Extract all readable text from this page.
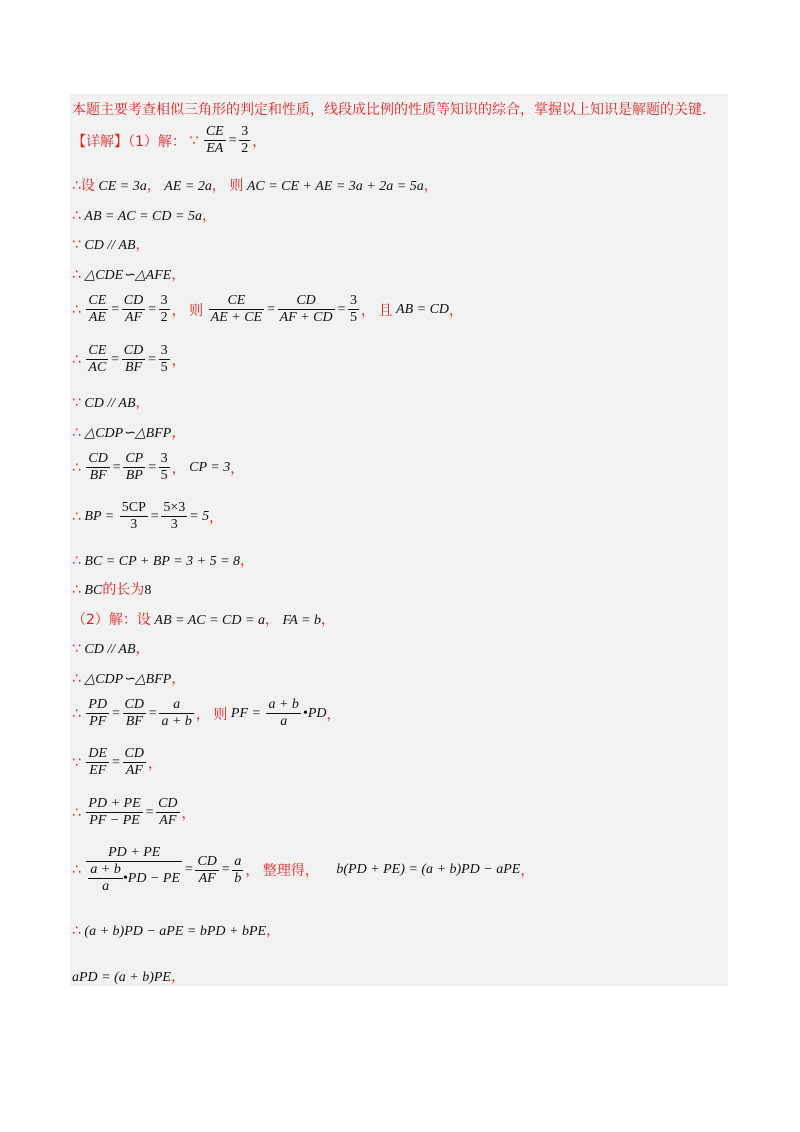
本题主要考查相似三角形的判定和性质，线段成比例的性质等知识的综合，掌握以上知识是解题的关键．
【详解】（1）解： ∵ $\frac{CE}{EA} = \frac{3}{2}$ ，
∴设 CE = 3a， AE = 2a， 则 AC = CE + AE = 3a + 2a = 5a，
∴ AB = AC = CD = 5a，
∵ CD // AB，
∴ △CDE∽△AFE，
∴ $\frac{CE}{AE} = \frac{CD}{AF} = \frac{3}{2}$ ， 则 $\frac{CE}{AE + CE} = \frac{CD}{AF + CD} = \frac{3}{5}$ ， 且 AB = CD，
∴ $\frac{CE}{AC} = \frac{CD}{BF} = \frac{3}{5}$ ，
∵ CD // AB，
∴ △CDP∽△BFP，
∴ $\frac{CD}{BF} = \frac{CP}{BP} = \frac{3}{5}$ ， CP = 3，
∴ BP = $\frac{5CP}{3} = \frac{5\times 3}{3} = 5$，
∴ BC = CP + BP = 3 + 5 = 8，
∴ BC的长为8
（2）解：设 AB = AC = CD = a， FA = b，
∵ CD // AB，
∴ △CDP∽△BFP，
∴ $\frac{PD}{PF} = \frac{CD}{BF} = \frac{a}{a + b}$ ， 则 PF = $\frac{a + b}{a}$ •PD，
∵ $\frac{DE}{EF} = \frac{CD}{AF}$ ，
∴ $\frac{PD + PE}{PF - PE} = \frac{CD}{AF}$ ，
∴ $\frac{PD + PE}{\frac{a + b}{a} •PD - PE} = \frac{CD}{AF} = \frac{a}{b}$ ， 整理得， b(PD + PE) = (a + b)PD − aPE，
∴ (a + b)PD − aPE = bPD + bPE，
aPD = (a + b)PE，
